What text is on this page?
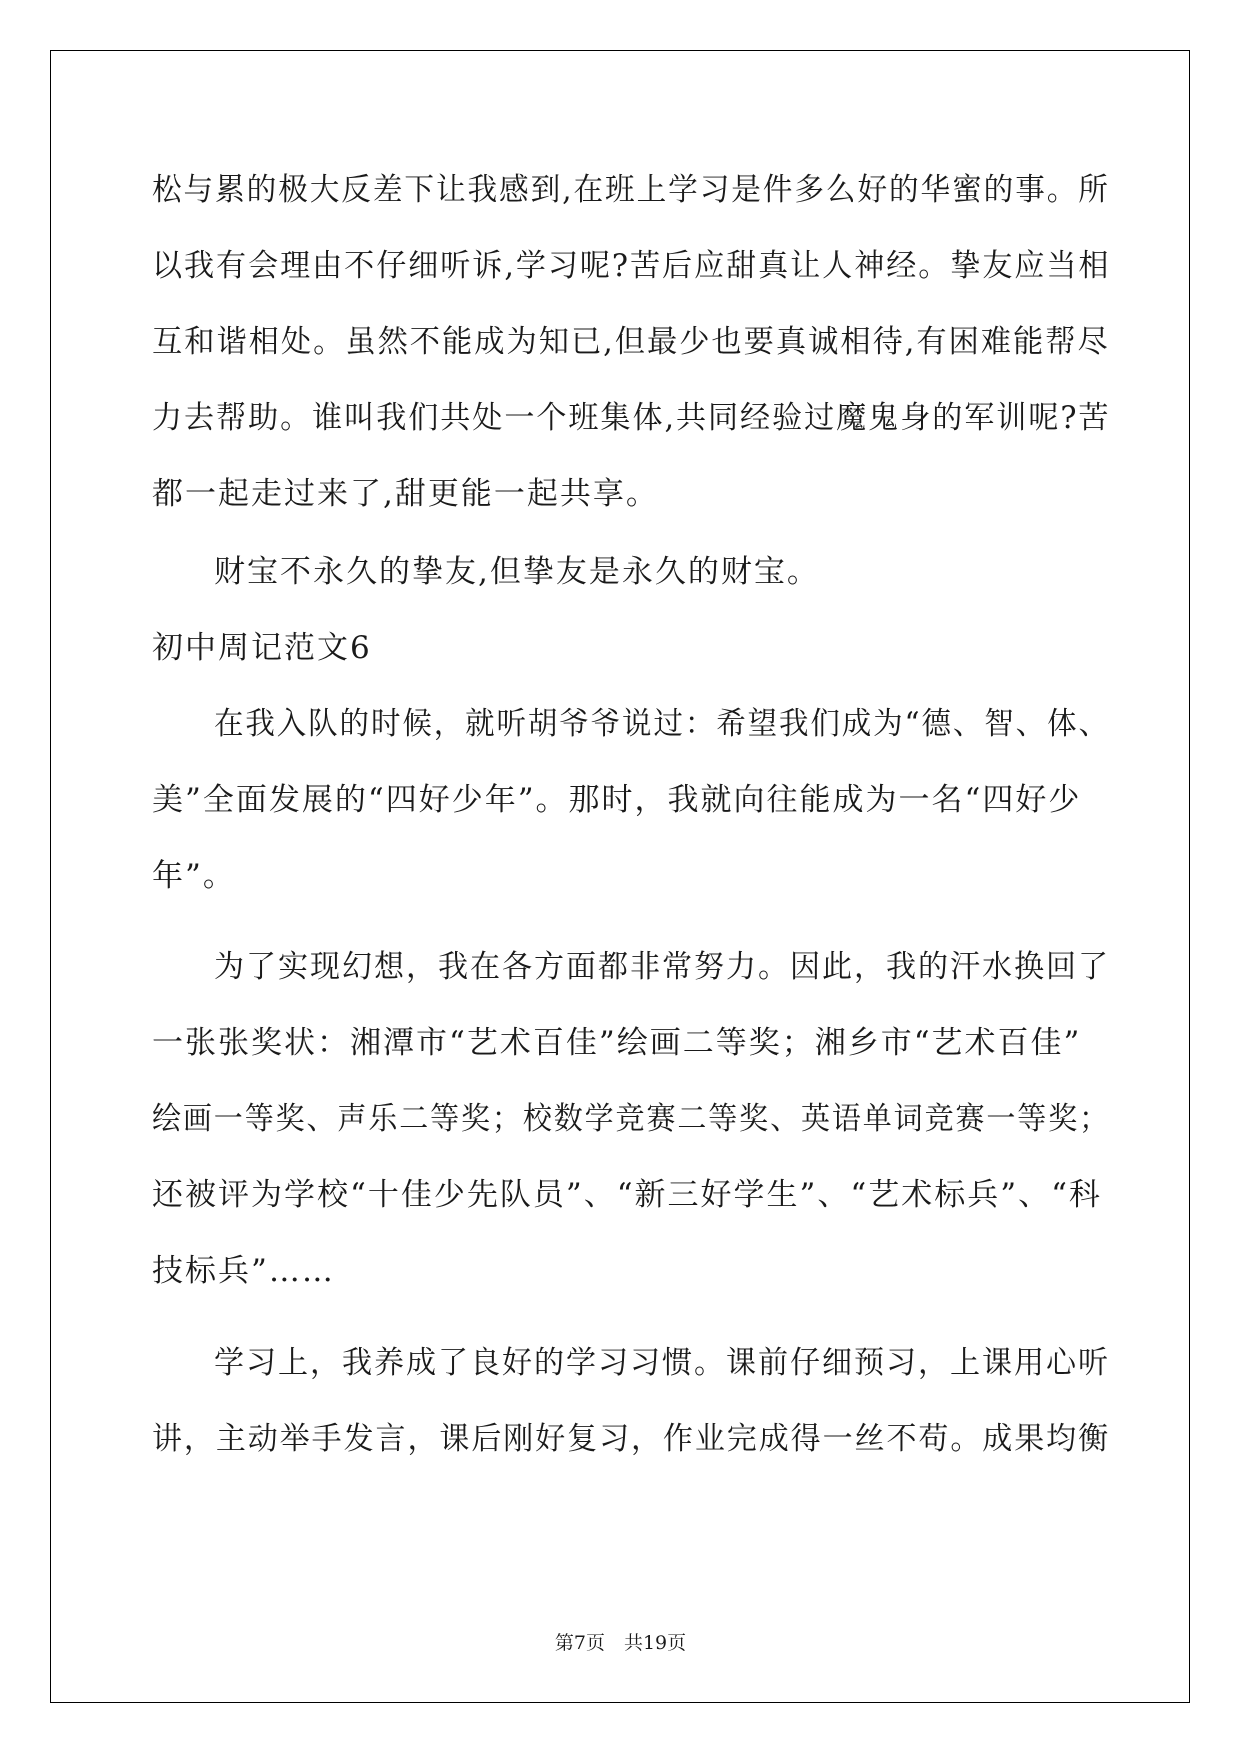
松与累的极大反差下让我感到,在班上学习是件多么好的华蜜的事。所
以我有会理由不仔细听诉,学习呢?苦后应甜真让人神经。挚友应当相
互和谐相处。虽然不能成为知已,但最少也要真诚相待,有困难能帮尽
力去帮助。谁叫我们共处一个班集体,共同经验过魔鬼身的军训呢?苦
都一起走过来了,甜更能一起共享。
财宝不永久的挚友,但挚友是永久的财宝。
初中周记范文6
在我入队的时候，就听胡爷爷说过：希望我们成为“德、智、体、
美”全面发展的“四好少年”。那时，我就向往能成为一名“四好少
年”。
为了实现幻想，我在各方面都非常努力。因此，我的汗水换回了
一张张奖状：湘潭市“艺术百佳”绘画二等奖；湘乡市“艺术百佳”
绘画一等奖、声乐二等奖；校数学竞赛二等奖、英语单词竞赛一等奖；
还被评为学校“十佳少先队员”、“新三好学生”、“艺术标兵”、“科
技标兵”……
学习上，我养成了良好的学习习惯。课前仔细预习，上课用心听
讲，主动举手发言，课后刚好复习，作业完成得一丝不苟。成果均衡
第7页　共19页
